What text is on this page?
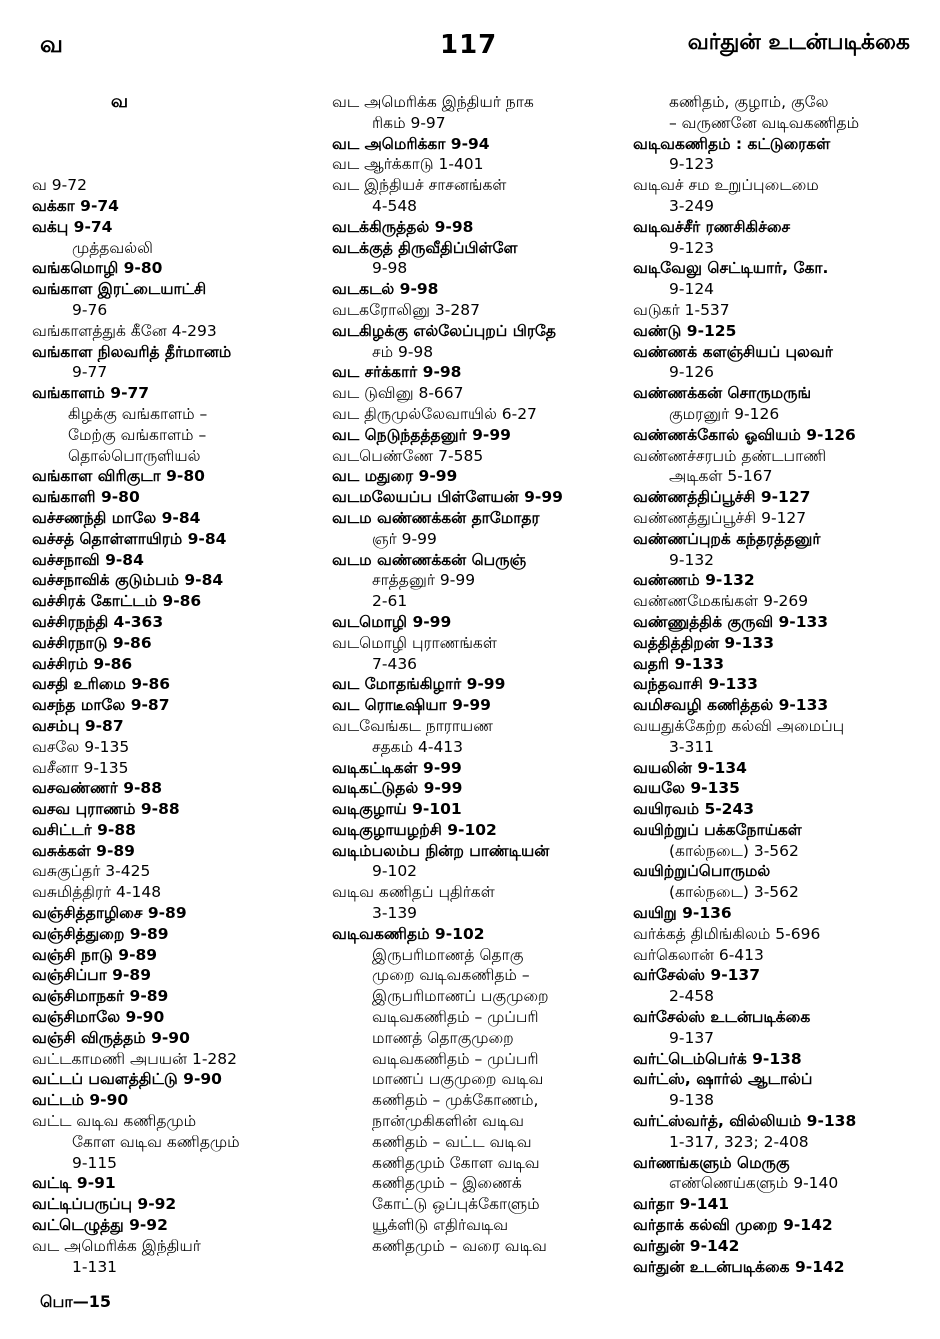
வ	117	வர்துன் உடன்படிக்கை
வ

வ 9-72
வக்கா 9-74
வக்பு 9-74
முத்தவல்லி
வங்கமொழி 9-80
வங்காள இரட்டையாட்சி
9-76
வங்காளத்துக் கீனே 4-293
வங்காள நிலவரித் தீர்மானம்
9-77
வங்காளம் 9-77
கிழக்கு வங்காளம் –
மேற்கு வங்காளம் –
தொல்பொருளியல்
வங்காள விரிகுடா 9-80
வங்காளி 9-80
வச்சணந்தி மாலே 9-84
வச்சத் தொள்ளாயிரம் 9-84
வச்சநாவி 9-84
வச்சநாவிக் குடும்பம் 9-84
வச்சிரக் கோட்டம் 9-86
வச்சிரநந்தி 4-363
வச்சிரநாடு 9-86
வச்சிரம் 9-86
வசதி உரிமை 9-86
வசந்த மாலே 9-87
வசம்பு 9-87
வசலே 9-135
வசீனா 9-135
வசவண்ணர் 9-88
வசவ புராணம் 9-88
வசிட்டர் 9-88
வசுக்கள் 9-89
வசுகுப்தர் 3-425
வசுமித்திரர் 4-148
வஞ்சித்தாழிசை 9-89
வஞ்சித்துறை 9-89
வஞ்சி நாடு 9-89
வஞ்சிப்பா 9-89
வஞ்சிமாநகர் 9-89
வஞ்சிமாலே 9-90
வஞ்சி விருத்தம் 9-90
வட்டகாமணி அபயன் 1-282
வட்டப் பவளத்திட்டு 9-90
வட்டம் 9-90
வட்ட வடிவ கணிதமும்
கோள வடிவ கணிதமும்
9-115
வட்டி 9-91
வட்டிப்பருப்பு 9-92
வட்டெழுத்து 9-92
வட அமெரிக்க இந்தியர்
1-131
வட அமெரிக்க இந்தியர் நாக
ரிகம் 9-97
வட அமெரிக்கா 9-94
வட ஆர்க்காடு 1-401
வட இந்தியச் சாசனங்கள்
4-548
வடக்கிருத்தல் 9-98
வடக்குத் திருவீதிப்பிள்ளே
9-98
வடகடல் 9-98
வடகரோலினு 3-287
வடகிழக்கு எல்லேப்புறப் பிரதே
சம் 9-98
வட சர்க்கார் 9-98
வட டுவினு 8-667
வட திருமுல்லேவாயில் 6-27
வட நெடுந்தத்தனுர் 9-99
வடபெண்ணே 7-585
வட மதுரை 9-99
வடமலேயப்ப பிள்ளேயன் 9-99
வடம வண்ணக்கன் தாமோதர
ஞர் 9-99
வடம வண்ணக்கன் பெருஞ்
சாத்தனுர் 9-99
2-61
வடமொழி 9-99
வடமொழி புராணங்கள்
7-436
வட மோதங்கிழார் 9-99
வட ரொடீஷியா 9-99
வடவேங்கட நாராயண
சதகம் 4-413
வடிகட்டிகள் 9-99
வடிகட்டுதல் 9-99
வடிகுழாய் 9-101
வடிகுழாயழற்சி 9-102
வடிம்பலம்ப நின்ற பாண்டியன்
9-102
வடிவ கணிதப் புதிர்கள்
3-139
வடிவகணிதம் 9-102
இருபரிமாணத் தொகு
முறை வடிவகணிதம் –
இருபரிமாணப் பகுமுறை
வடிவகணிதம் – முப்பரி
மாணத் தொகுமுறை
வடிவகணிதம் – முப்பரி
மாணப் பகுமுறை வடிவ
கணிதம் – முக்கோணம்,
நான்முகிகளின் வடிவ
கணிதம் – வட்ட வடிவ
கணிதமும் கோள வடிவ
கணிதமும் – இணைக்
கோட்டு ஒப்புக்கோளும்
யூக்ளிடு எதிர்வடிவ
கணிதமும் – வரை வடிவ
கணிதம், குழாம், குலே
– வருணனே வடிவகணிதம்
வடிவகணிதம் : கட்டுரைகள்
9-123
வடிவச் சம உறுப்புடைமை
3-249
வடிவச்சீர் ரணசிகிச்சை
9-123
வடிவேலு செட்டியார், கோ.
9-124
வடுகர் 1-537
வண்டு 9-125
வண்ணக் களஞ்சியப் புலவர்
9-126
வண்ணக்கன் சொருமருங்
குமரனுர் 9-126
வண்ணக்கோல் ஓவியம் 9-126
வண்ணச்சரபம் தண்டபாணி
அடிகள் 5-167
வண்ணத்திப்பூச்சி 9-127
வண்ணத்துப்பூச்சி 9-127
வண்ணப்புறக் கந்தரத்தனுர்
9-132
வண்ணம் 9-132
வண்ணமேகங்கள் 9-269
வண்ணுத்திக் குருவி 9-133
வத்தித்திறன் 9-133
வதரி 9-133
வந்தவாசி 9-133
வமிசவழி கணித்தல் 9-133
வயதுக்கேற்ற கல்வி அமைப்பு
3-311
வயலின் 9-134
வயலே 9-135
வயிரவம் 5-243
வயிற்றுப் பக்கநோய்கள்
(கால்நடை) 3-562
வயிற்றுப்பொருமல்
(கால்நடை) 3-562
வயிறு 9-136
வர்க்கத் திமிங்கிலம் 5-696
வர்கெலான் 6-413
வர்சேல்ஸ் 9-137
2-458
வர்சேல்ஸ் உடன்படிக்கை
9-137
வர்ட்டெம்பெர்க் 9-138
வர்ட்ஸ், ஷார்ல் ஆடால்ப்
9-138
வர்ட்ஸ்வர்த், வில்லியம் 9-138
1-317, 323; 2-408
வர்ணங்களும் மெருகு
எண்ணெய்களும் 9-140
வர்தா 9-141
வர்தாக் கல்வி முறை 9-142
வர்துன் 9-142
வர்துன் உடன்படிக்கை 9-142
பொ—15
